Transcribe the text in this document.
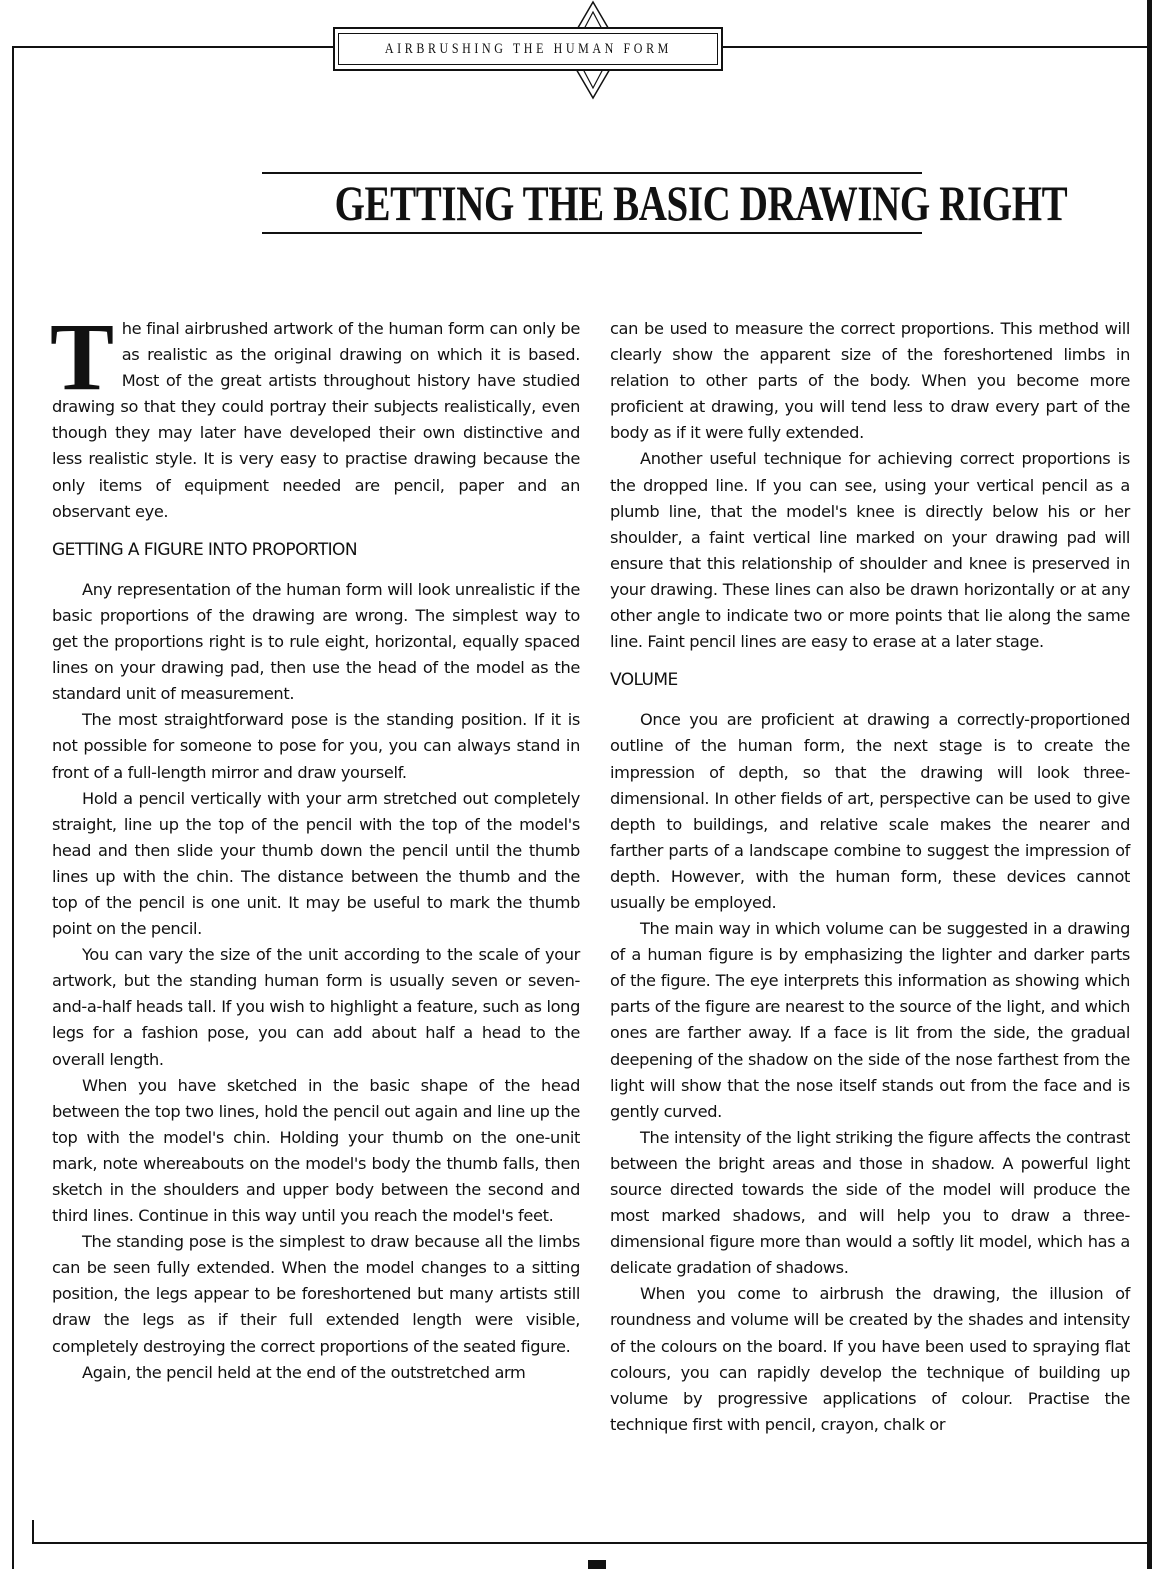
AIRBRUSHING THE HUMAN FORM
GETTING THE BASIC DRAWING RIGHT

The final airbrushed artwork of the human form can only be as realistic as the original drawing on which it is based. Most of the great artists throughout history have studied drawing so that they could portray their subjects realistically, even though they may later have developed their own distinctive and less realistic style. It is very easy to practise drawing because the only items of equipment needed are pencil, paper and an observant eye.

GETTING A FIGURE INTO PROPORTION

Any representation of the human form will look unrealistic if the basic proportions of the drawing are wrong. The simplest way to get the proportions right is to rule eight, horizontal, equally spaced lines on your drawing pad, then use the head of the model as the standard unit of measurement.

The most straightforward pose is the standing position. If it is not possible for someone to pose for you, you can always stand in front of a full-length mirror and draw yourself.

Hold a pencil vertically with your arm stretched out completely straight, line up the top of the pencil with the top of the model's head and then slide your thumb down the pencil until the thumb lines up with the chin. The distance between the thumb and the top of the pencil is one unit. It may be useful to mark the thumb point on the pencil.

You can vary the size of the unit according to the scale of your artwork, but the standing human form is usually seven or seven-and-a-half heads tall. If you wish to highlight a feature, such as long legs for a fashion pose, you can add about half a head to the overall length.

When you have sketched in the basic shape of the head between the top two lines, hold the pencil out again and line up the top with the model's chin. Holding your thumb on the one-unit mark, note whereabouts on the model's body the thumb falls, then sketch in the shoulders and upper body between the second and third lines. Continue in this way until you reach the model's feet.

The standing pose is the simplest to draw because all the limbs can be seen fully extended. When the model changes to a sitting position, the legs appear to be foreshortened but many artists still draw the legs as if their full extended length were visible, completely destroying the correct proportions of the seated figure.

Again, the pencil held at the end of the outstretched arm

can be used to measure the correct proportions. This method will clearly show the apparent size of the foreshortened limbs in relation to other parts of the body. When you become more proficient at drawing, you will tend less to draw every part of the body as if it were fully extended.

Another useful technique for achieving correct proportions is the dropped line. If you can see, using your vertical pencil as a plumb line, that the model's knee is directly below his or her shoulder, a faint vertical line marked on your drawing pad will ensure that this relationship of shoulder and knee is preserved in your drawing. These lines can also be drawn horizontally or at any other angle to indicate two or more points that lie along the same line. Faint pencil lines are easy to erase at a later stage.

VOLUME

Once you are proficient at drawing a correctly-proportioned outline of the human form, the next stage is to create the impression of depth, so that the drawing will look three-dimensional. In other fields of art, perspective can be used to give depth to buildings, and relative scale makes the nearer and farther parts of a landscape combine to suggest the impression of depth. However, with the human form, these devices cannot usually be employed.

The main way in which volume can be suggested in a drawing of a human figure is by emphasizing the lighter and darker parts of the figure. The eye interprets this information as showing which parts of the figure are nearest to the source of the light, and which ones are farther away. If a face is lit from the side, the gradual deepening of the shadow on the side of the nose farthest from the light will show that the nose itself stands out from the face and is gently curved.

The intensity of the light striking the figure affects the contrast between the bright areas and those in shadow. A powerful light source directed towards the side of the model will produce the most marked shadows, and will help you to draw a three-dimensional figure more than would a softly lit model, which has a delicate gradation of shadows.

When you come to airbrush the drawing, the illusion of roundness and volume will be created by the shades and intensity of the colours on the board. If you have been used to spraying flat colours, you can rapidly develop the technique of building up volume by progressive applications of colour. Practise the technique first with pencil, crayon, chalk or
